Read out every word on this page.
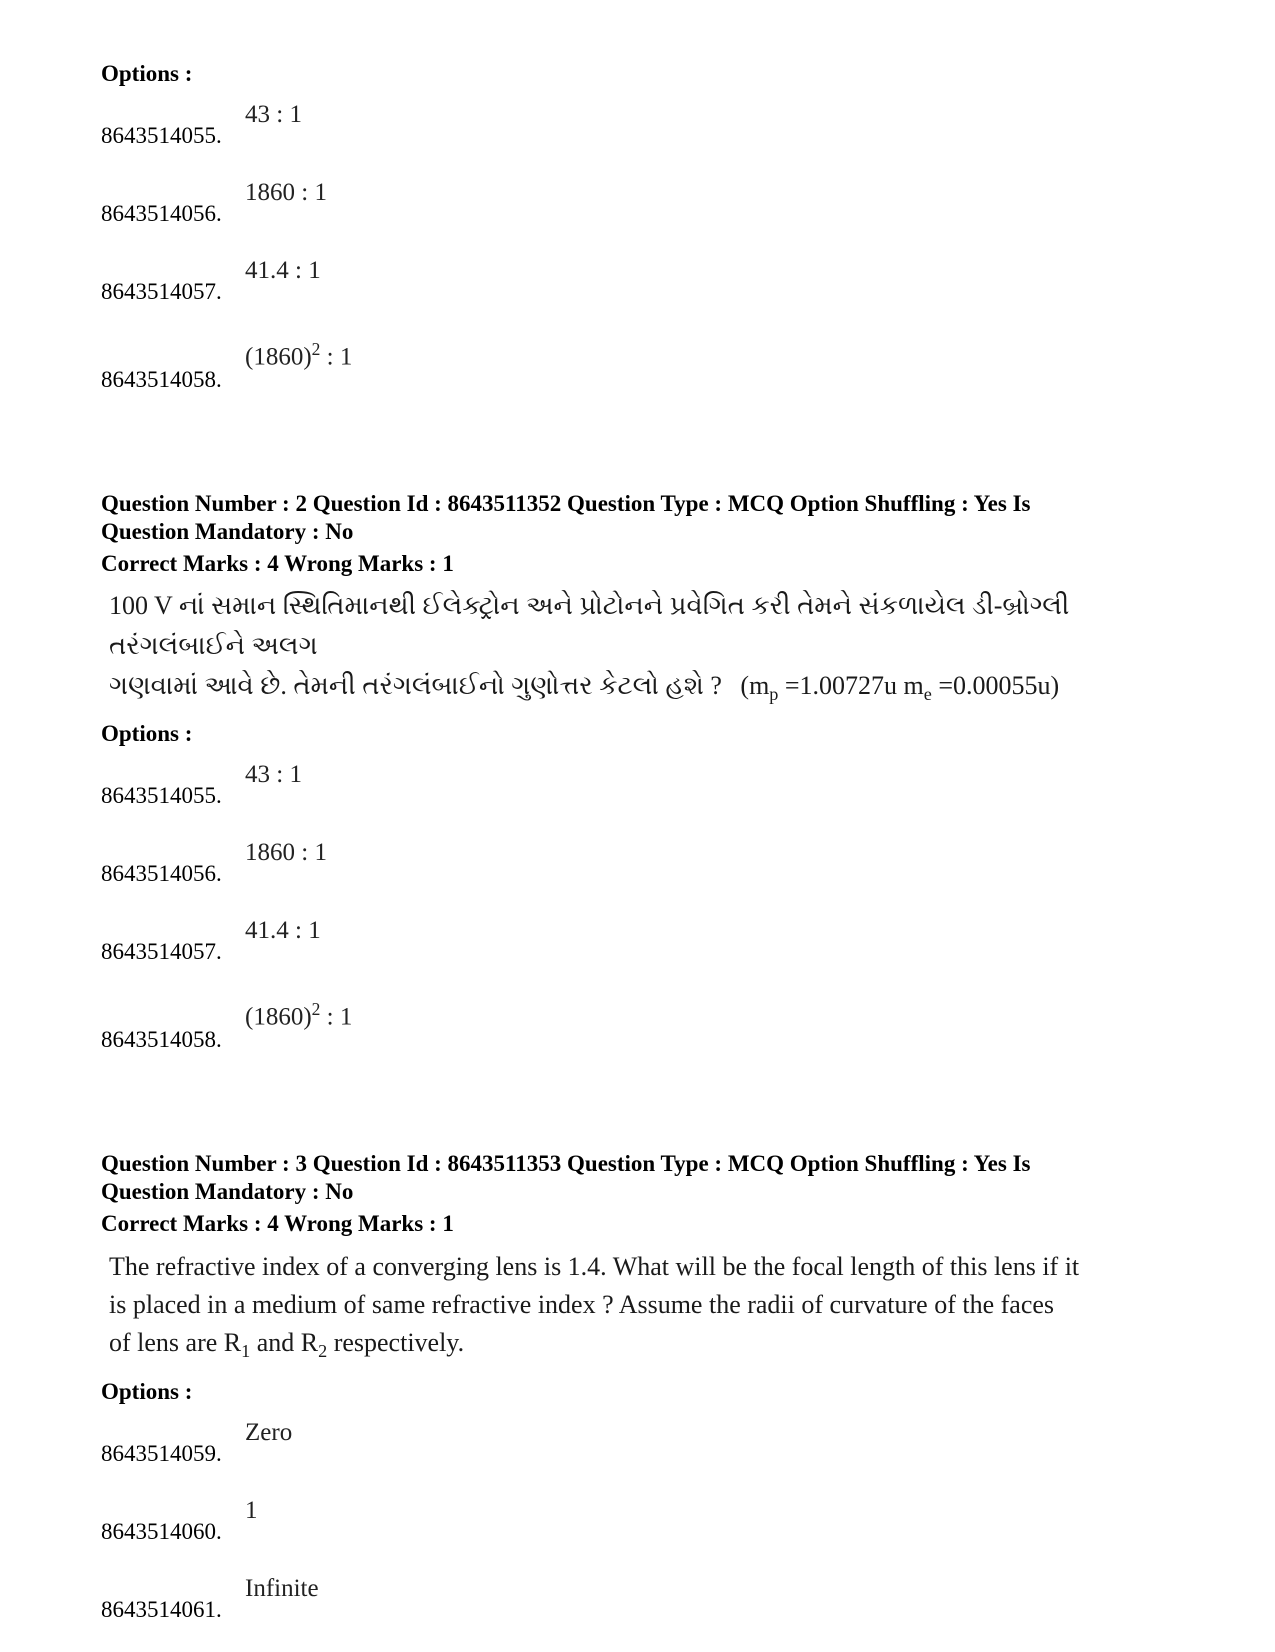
Options :
8643514055.
43 : 1
8643514056.
1860 : 1
8643514057.
41.4 : 1
8643514058.
$(1860)^2$ : 1
Question Number : 2 Question Id : 8643511352 Question Type : MCQ Option Shuffling : Yes Is
Question Mandatory : No
Correct Marks : 4 Wrong Marks : 1
100 V નાં સમાન સ્થિતિમાનથી ઈલેક્ટ્રોન અને પ્રોટોનને પ્રવેગિત કરી તેમને સંકળાયેલ ડી-બ્રોગ્લી તરંગલંબાઈને અલગ
ગણવામાં આવે છે. તેમની તરંગલંબાઈનો ગુણોત્તર કેટલો હશે ? ($m_p =1.00727u$ $m_e =0.00055u$)
Options :
8643514055.
43 : 1
8643514056.
1860 : 1
8643514057.
41.4 : 1
8643514058.
$(1860)^2$ : 1
Question Number : 3 Question Id : 8643511353 Question Type : MCQ Option Shuffling : Yes Is
Question Mandatory : No
Correct Marks : 4 Wrong Marks : 1
The refractive index of a converging lens is 1.4. What will be the focal length of this lens if it
is placed in a medium of same refractive index ? Assume the radii of curvature of the faces
of lens are $R_1$ and $R_2$ respectively.
Options :
8643514059.
Zero
8643514060.
1
8643514061.
Infinite
